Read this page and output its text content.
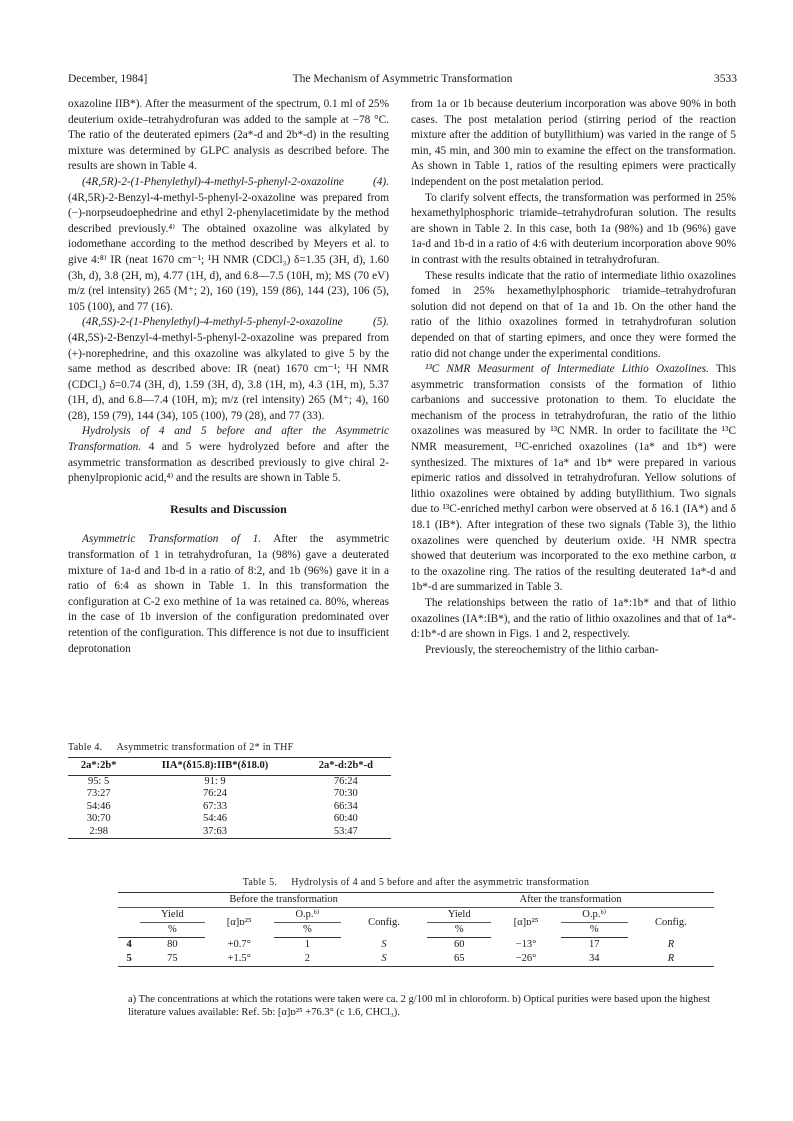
December, 1984]	The Mechanism of Asymmetric Transformation	3533

oxazoline IIB*). After the measurment of the spectrum, 0.1 ml of 25% deuterium oxide–tetrahydrofuran was added to the sample at −78 °C. The ratio of the deuterated epimers (2a*-d and 2b*-d) in the resulting mixture was determined by GLPC analysis as described before. The results are shown in Table 4.

(4R,5R)-2-(1-Phenylethyl)-4-methyl-5-phenyl-2-oxazoline (4). (4R,5R)-2-Benzyl-4-methyl-5-phenyl-2-oxazoline was prepared from (−)-norpseudoephedrine and ethyl 2-phenylacetimidate by the method described previously.⁴⁾ The obtained oxazoline was alkylated by iodomethane according to the method described by Meyers et al. to give 4:⁸⁾ IR (neat 1670 cm⁻¹; ¹H NMR (CDCl₃) δ=1.35 (3H, d), 1.60 (3h, d), 3.8 (2H, m), 4.77 (1H, d), and 6.8—7.5 (10H, m); MS (70 eV) m/z (rel intensity) 265 (M⁺; 2), 160 (19), 159 (86), 144 (23), 106 (5), 105 (100), and 77 (16).

(4R,5S)-2-(1-Phenylethyl)-4-methyl-5-phenyl-2-oxazoline (5). (4R,5S)-2-Benzyl-4-methyl-5-phenyl-2-oxazoline was prepared from (+)-norephedrine, and this oxazoline was alkylated to give 5 by the same method as described above: IR (neat) 1670 cm⁻¹; ¹H NMR (CDCl₃) δ=0.74 (3H, d), 1.59 (3H, d), 3.8 (1H, m), 4.3 (1H, m), 5.37 (1H, d), and 6.8—7.4 (10H, m); m/z (rel intensity) 265 (M⁺; 4), 160 (28), 159 (79), 144 (34), 105 (100), 79 (28), and 77 (33).

Hydrolysis of 4 and 5 before and after the Asymmetric Transformation. 4 and 5 were hydrolyzed before and after the asymmetric transformation as described previously to give chiral 2-phenylpropionic acid,⁴⁾ and the results are shown in Table 5.

Results and Discussion

Asymmetric Transformation of 1. After the asymmetric transformation of 1 in tetrahydrofuran, 1a (98%) gave a deuterated mixture of 1a-d and 1b-d in a ratio of 8:2, and 1b (96%) gave it in a ratio of 6:4 as shown in Table 1. In this transformation the configuration at C-2 exo methine of 1a was retained ca. 80%, whereas in the case of 1b inversion of the configuration predominated over retention of the configuration. This difference is not due to insufficient deprotonation

from 1a or 1b because deuterium incorporation was above 90% in both cases. The post metalation period (stirring period of the reaction mixture after the addition of butyllithium) was varied in the range of 5 min, 45 min, and 300 min to examine the effect on the transformation. As shown in Table 1, ratios of the resulting epimers were practically independent on the post metalation period.

To clarify solvent effects, the transformation was performed in 25% hexamethylphosphoric triamide–tetrahydrofuran solution. The results are shown in Table 2. In this case, both 1a (98%) and 1b (96%) gave 1a-d and 1b-d in a ratio of 4:6 with deuterium incorporation above 90% in contrast with the results obtained in tetrahydrofuran.

These results indicate that the ratio of intermediate lithio oxazolines fomed in 25% hexamethylphosphoric triamide–tetrahydrofuran solution did not depend on that of 1a and 1b. On the other hand the ratio of the lithio oxazolines formed in tetrahydrofuran solution depended on that of starting epimers, and once they were formed the ratio did not change under the experimental conditions.

¹³C NMR Measurment of Intermediate Lithio Oxazolines. This asymmetric transformation consists of the formation of lithio carbanions and successive protonation to them. To elucidate the mechanism of the process in tetrahydrofuran, the ratio of the lithio oxazolines was measured by ¹³C NMR. In order to facilitate the ¹³C NMR measurement, ¹³C-enriched oxazolines (1a* and 1b*) were synthesized. The mixtures of 1a* and 1b* were prepared in various epimeric ratios and dissolved in tetrahydrofuran. Yellow solutions of lithio oxazolines were obtained by adding butyllithium. Two signals due to ¹³C-enriched methyl carbon were observed at δ 16.1 (IA*) and δ 18.1 (IB*). After integration of these two signals (Table 3), the lithio oxazolines were quenched by deuterium oxide. ¹H NMR spectra showed that deuterium was incorporated to the exo methine carbon, α to the oxazoline ring. The ratios of the resulting deuterated 1a*-d and 1b*-d are summarized in Table 3.

The relationships between the ratio of 1a*:1b* and that of lithio oxazolines (IA*:IB*), and the ratio of lithio oxazolines and that of 1a*-d:1b*-d are shown in Figs. 1 and 2, respectively.

Previously, the stereochemistry of the lithio carban-

Table 4. Asymmetric transformation of 2* in THF
2a*:2b*	IIA*(δ15.8):IIB*(δ18.0)	2a*-d:2b*-d
95: 5	91: 9	76:24
73:27	76:24	70:30
54:46	67:33	66:34
30:70	54:46	60:40
2:98	37:63	53:47
Table 5. Hydrolysis of 4 and 5 before and after the asymmetric transformation
	Before the transformation				After the transformation			
	Yield	[α]ᴅ²⁵	O.p.ᵇ⁾	Config.	Yield	[α]ᴅ²⁵	O.p.ᵇ⁾	Config.
	%		%		%		%	
4	80	+0.7°	1	S	60	−13°	17	R
5	75	+1.5°	2	S	65	−26°	34	R
a) The concentrations at which the rotations were taken were ca. 2 g/100 ml in chloroform. b) Optical purities were based upon the highest literature values available: Ref. 5b: [α]ᴅ²⁵ +76.3° (c 1.6, CHCl₃).
